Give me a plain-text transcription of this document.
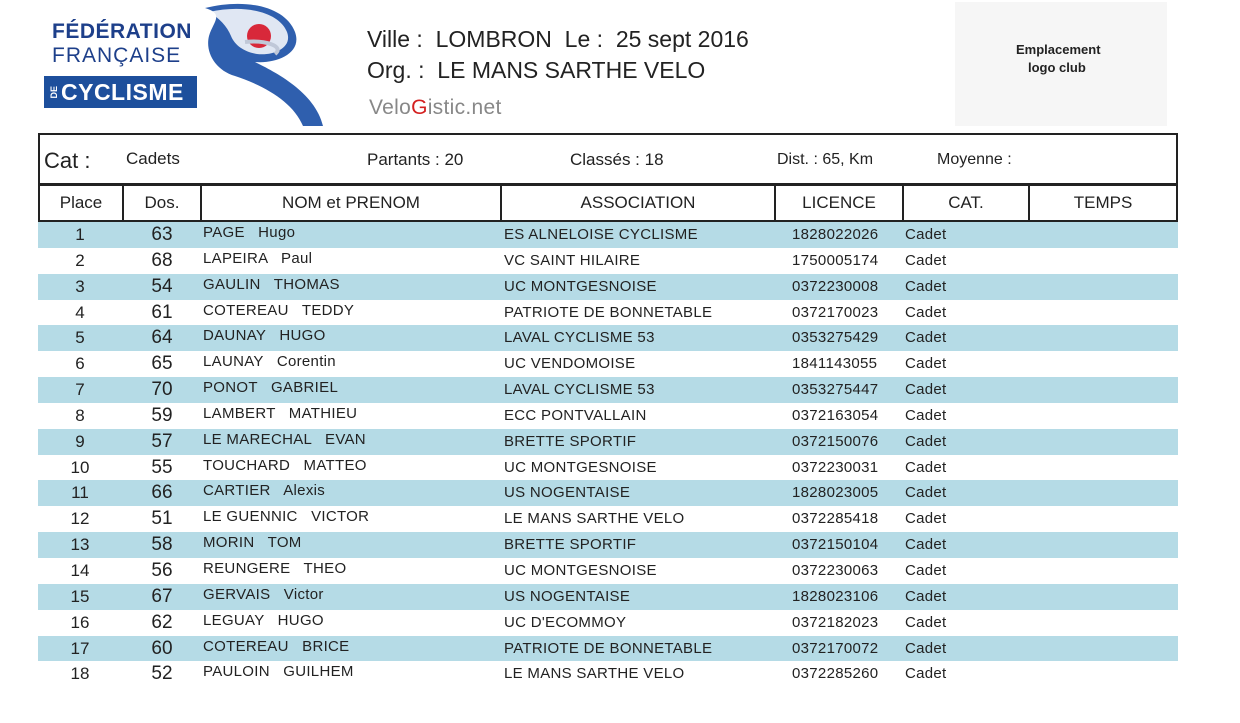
FÉDÉRATION
FRANÇAISE
DE CYCLISME
Ville :  LOMBRON  Le :  25 sept 2016
Org. :  LE MANS SARTHE VELO
VeloGistic.net
Emplacement
logo club
Cat : Cadets	Partants : 20	Classés : 18	Dist. : 65, Km	Moyenne :
Place	Dos.	NOM et PRENOM	ASSOCIATION	LICENCE	CAT.	TEMPS
1	63	PAGE   Hugo	ES ALNELOISE CYCLISME	1828022026 Cadet
2	68	LAPEIRA   Paul	VC SAINT HILAIRE	1750005174 Cadet
3	54	GAULIN   THOMAS	UC MONTGESNOISE	0372230008 Cadet
4	61	COTEREAU   TEDDY	PATRIOTE DE BONNETABLE	0372170023 Cadet
5	64	DAUNAY   HUGO	LAVAL CYCLISME 53	0353275429 Cadet
6	65	LAUNAY   Corentin	UC VENDOMOISE	1841143055 Cadet
7	70	PONOT   GABRIEL	LAVAL CYCLISME 53	0353275447 Cadet
8	59	LAMBERT   MATHIEU	ECC PONTVALLAIN	0372163054 Cadet
9	57	LE MARECHAL   EVAN	BRETTE SPORTIF	0372150076 Cadet
10	55	TOUCHARD   MATTEO	UC MONTGESNOISE	0372230031 Cadet
11	66	CARTIER   Alexis	US NOGENTAISE	1828023005 Cadet
12	51	LE GUENNIC   VICTOR	LE MANS SARTHE VELO	0372285418 Cadet
13	58	MORIN   TOM	BRETTE SPORTIF	0372150104 Cadet
14	56	REUNGERE   THEO	UC MONTGESNOISE	0372230063 Cadet
15	67	GERVAIS   Victor	US NOGENTAISE	1828023106 Cadet
16	62	LEGUAY   HUGO	UC D'ECOMMOY	0372182023 Cadet
17	60	COTEREAU   BRICE	PATRIOTE DE BONNETABLE	0372170072 Cadet
18	52	PAULOIN   GUILHEM	LE MANS SARTHE VELO	0372285260 Cadet
